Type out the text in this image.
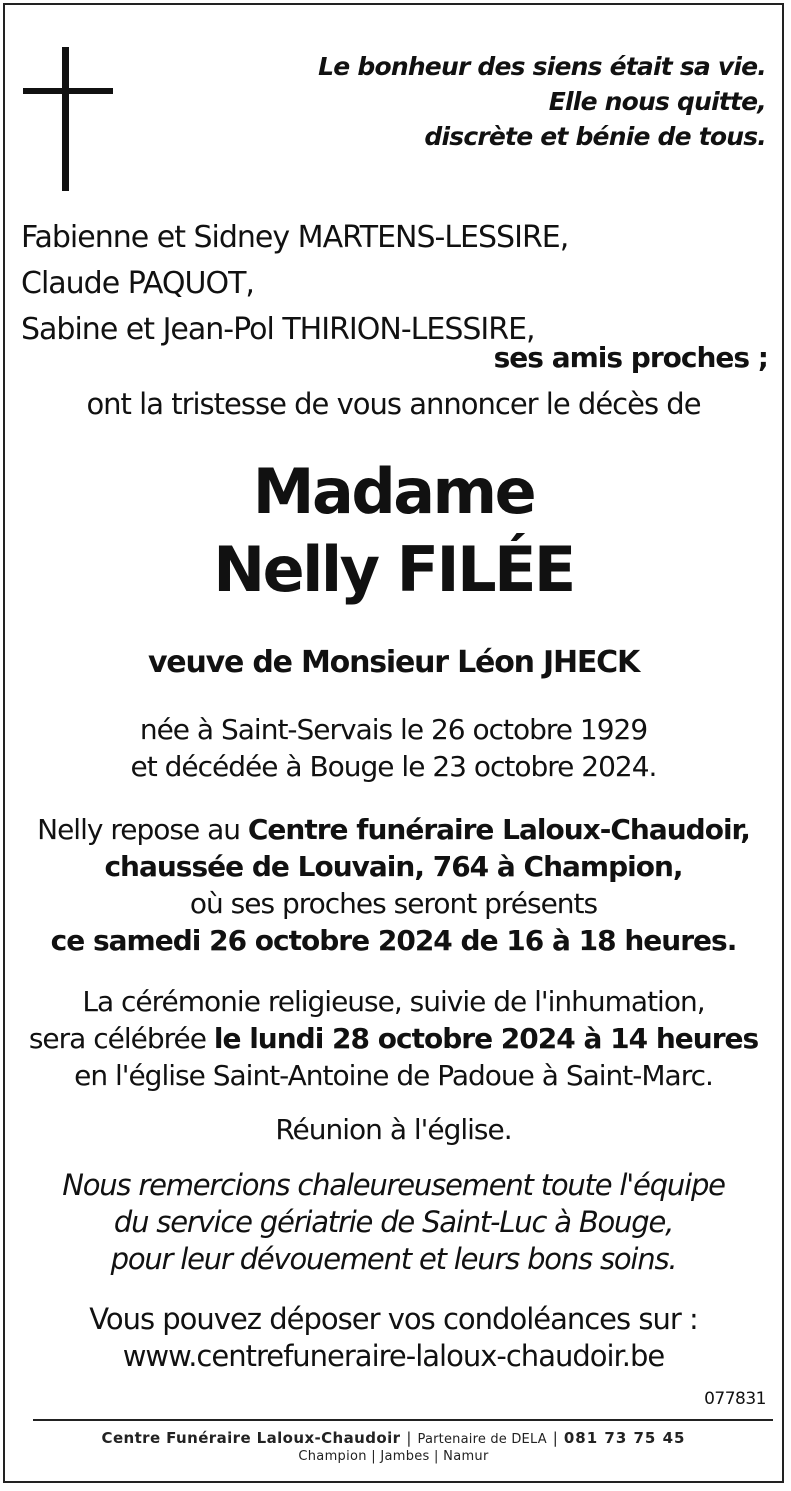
Le bonheur des siens était sa vie.
Elle nous quitte,
discrète et bénie de tous.
Fabienne et Sidney MARTENS-LESSIRE,
Claude PAQUOT,
Sabine et Jean-Pol THIRION-LESSIRE,
ses amis proches ;
ont la tristesse de vous annoncer le décès de
Madame
Nelly FILÉE
veuve de Monsieur Léon JHECK
née à Saint-Servais le 26 octobre 1929
et décédée à Bouge le 23 octobre 2024.
Nelly repose au Centre funéraire Laloux-Chaudoir,
chaussée de Louvain, 764 à Champion,
où ses proches seront présents
ce samedi 26 octobre 2024 de 16 à 18 heures.
La cérémonie religieuse, suivie de l'inhumation,
sera célébrée le lundi 28 octobre 2024 à 14 heures
en l'église Saint-Antoine de Padoue à Saint-Marc.
Réunion à l'église.
Nous remercions chaleureusement toute l'équipe
du service gériatrie de Saint-Luc à Bouge,
pour leur dévouement et leurs bons soins.
Vous pouvez déposer vos condoléances sur :
www.centrefuneraire-laloux-chaudoir.be
077831
Centre Funéraire Laloux-Chaudoir | Partenaire de DELA | 081 73 75 45
Champion | Jambes | Namur
